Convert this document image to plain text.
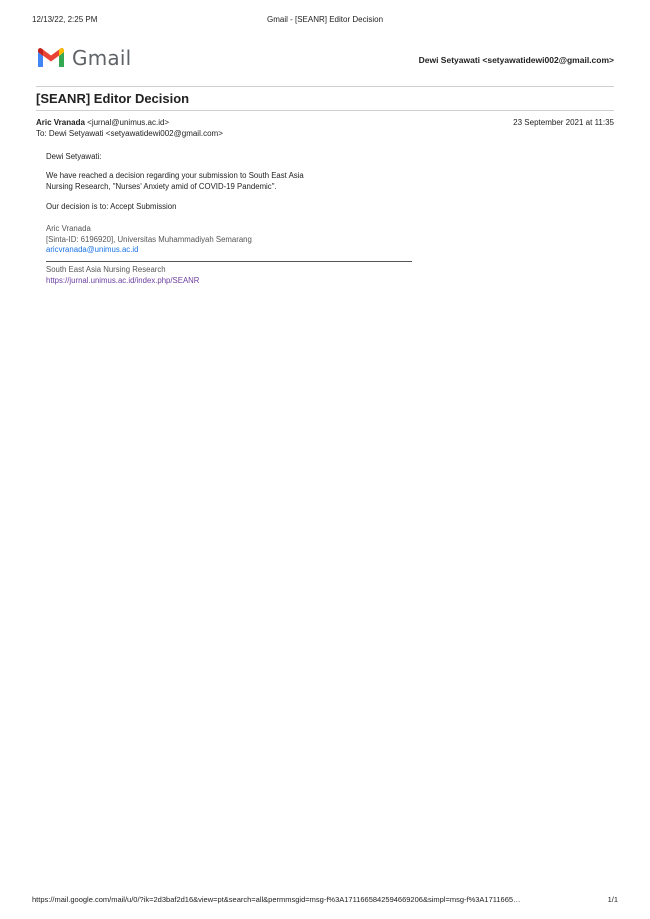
12/13/22, 2:25 PM	Gmail - [SEANR] Editor Decision
Gmail	Dewi Setyawati <setyawatidewi002@gmail.com>
[SEANR] Editor Decision
Aric Vranada <jurnal@unimus.ac.id>	23 September 2021 at 11:35
To: Dewi Setyawati <setyawatidewi002@gmail.com>
Dewi Setyawati:
We have reached a decision regarding your submission to South East Asia
Nursing Research, "Nurses' Anxiety amid of COVID-19 Pandemic".
Our decision is to: Accept Submission
Aric Vranada
[Sinta-ID: 6196920], Universitas Muhammadiyah Semarang
aricvranada@unimus.ac.id
South East Asia Nursing Research
https://jurnal.unimus.ac.id/index.php/SEANR
https://mail.google.com/mail/u/0/?ik=2d3baf2d16&view=pt&search=all&permmsgid=msg-f%3A1711665842594669206&simpl=msg-f%3A1711665…	1/1
